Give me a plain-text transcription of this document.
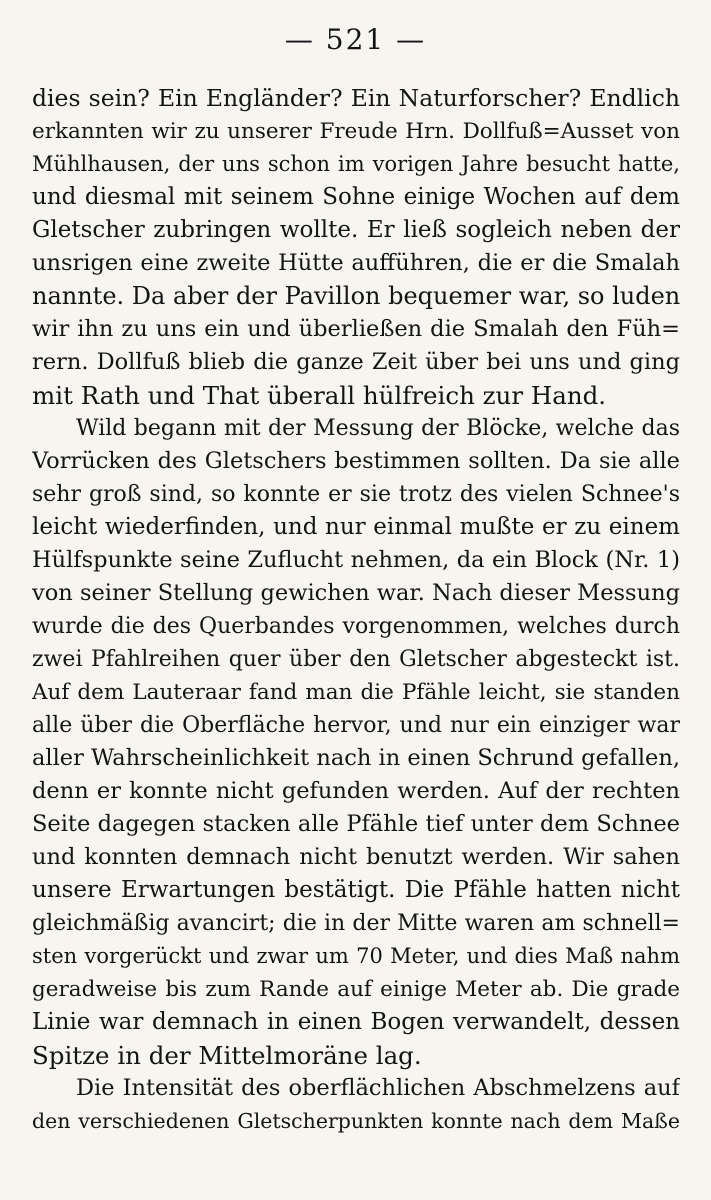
— 521 —
dies sein? Ein Engländer? Ein Naturforscher? Endlich
erkannten wir zu unserer Freude Hrn. Dollfuß=Ausset von
Mühlhausen, der uns schon im vorigen Jahre besucht hatte,
und diesmal mit seinem Sohne einige Wochen auf dem
Gletscher zubringen wollte. Er ließ sogleich neben der
unsrigen eine zweite Hütte aufführen, die er die Smalah
nannte. Da aber der Pavillon bequemer war, so luden
wir ihn zu uns ein und überließen die Smalah den Füh=
rern. Dollfuß blieb die ganze Zeit über bei uns und ging
mit Rath und That überall hülfreich zur Hand.
Wild begann mit der Messung der Blöcke, welche das
Vorrücken des Gletschers bestimmen sollten. Da sie alle
sehr groß sind, so konnte er sie trotz des vielen Schnee's
leicht wiederfinden, und nur einmal mußte er zu einem
Hülfspunkte seine Zuflucht nehmen, da ein Block (Nr. 1)
von seiner Stellung gewichen war. Nach dieser Messung
wurde die des Querbandes vorgenommen, welches durch
zwei Pfahlreihen quer über den Gletscher abgesteckt ist.
Auf dem Lauteraar fand man die Pfähle leicht, sie standen
alle über die Oberfläche hervor, und nur ein einziger war
aller Wahrscheinlichkeit nach in einen Schrund gefallen,
denn er konnte nicht gefunden werden. Auf der rechten
Seite dagegen stacken alle Pfähle tief unter dem Schnee
und konnten demnach nicht benutzt werden. Wir sahen
unsere Erwartungen bestätigt. Die Pfähle hatten nicht
gleichmäßig avancirt; die in der Mitte waren am schnell=
sten vorgerückt und zwar um 70 Meter, und dies Maß nahm
geradweise bis zum Rande auf einige Meter ab. Die grade
Linie war demnach in einen Bogen verwandelt, dessen
Spitze in der Mittelmoräne lag.
Die Intensität des oberflächlichen Abschmelzens auf
den verschiedenen Gletscherpunkten konnte nach dem Maße
